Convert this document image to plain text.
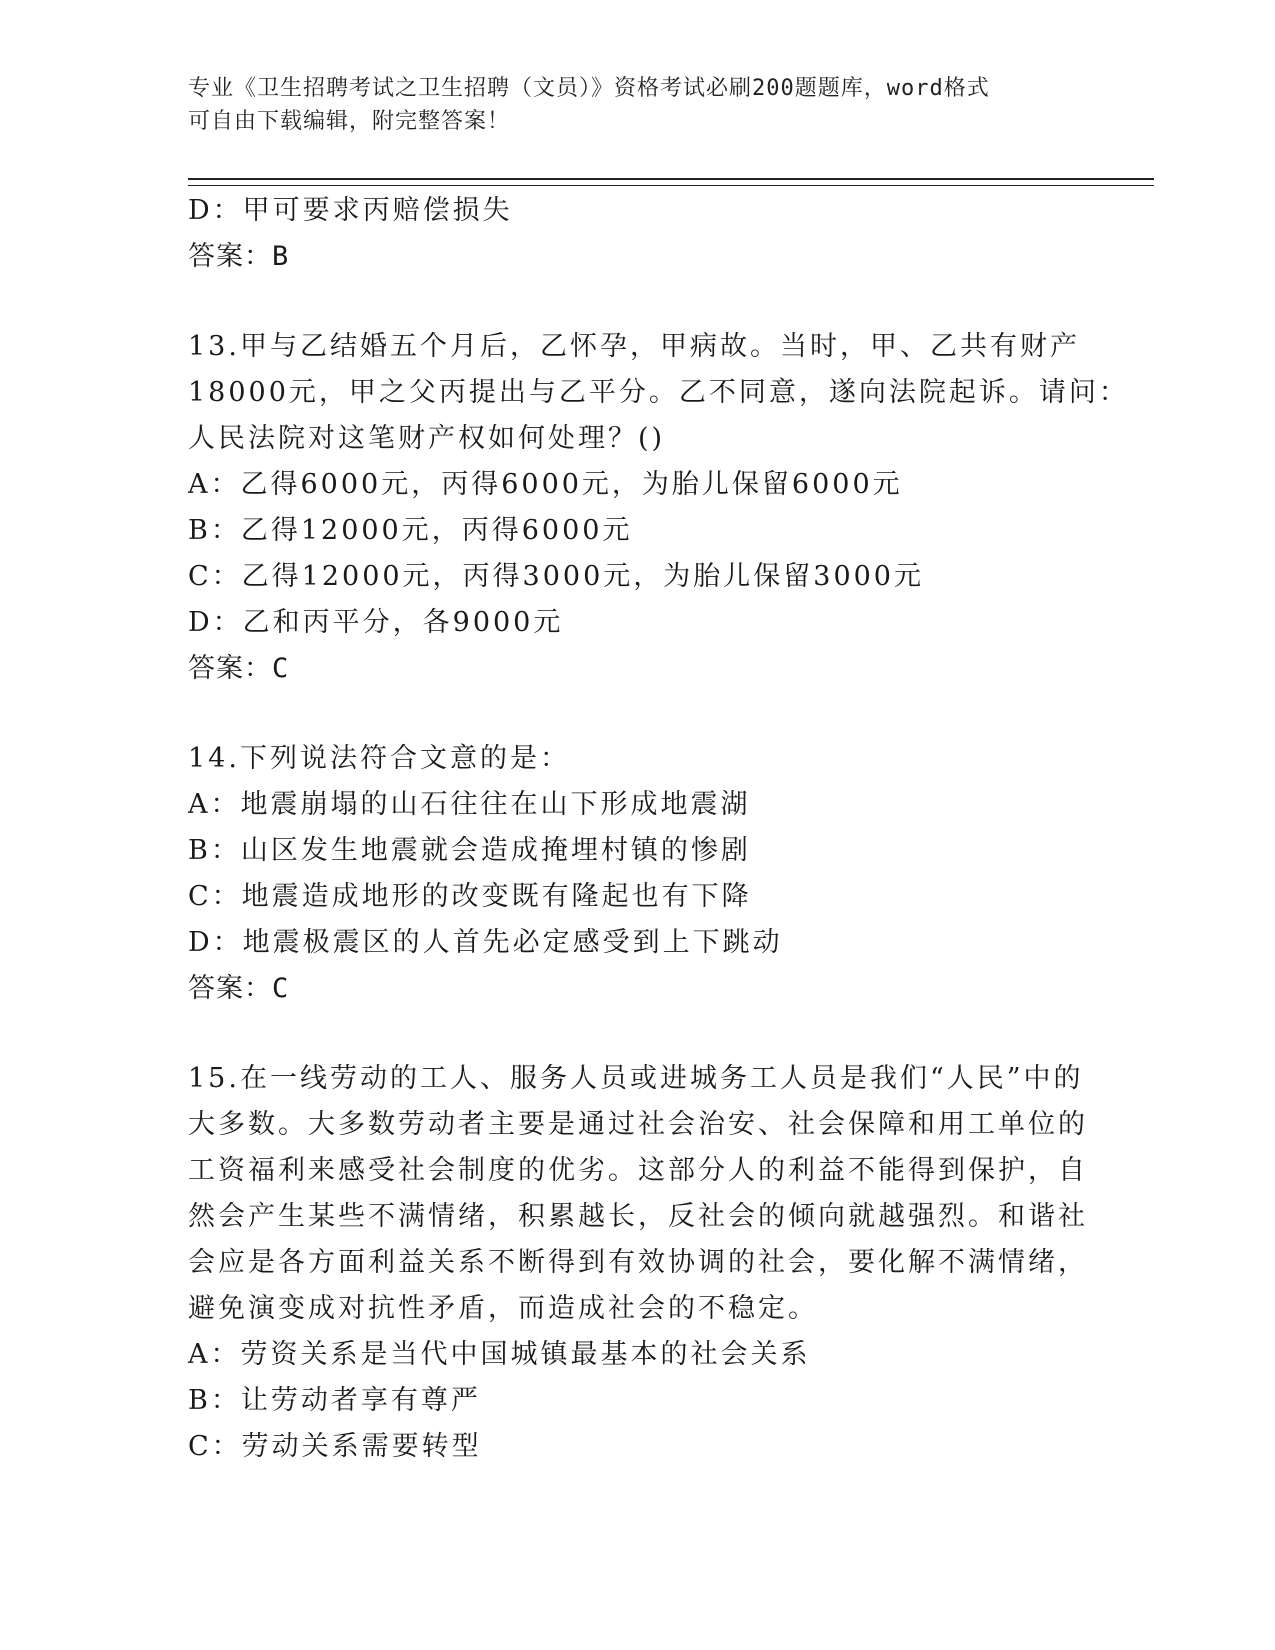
专业《卫生招聘考试之卫生招聘（文员）》资格考试必刷200题题库，word格式
可自由下载编辑，附完整答案！
D：甲可要求丙赔偿损失
答案：B
13.甲与乙结婚五个月后，乙怀孕，甲病故。当时，甲、乙共有财产
18000元，甲之父丙提出与乙平分。乙不同意，遂向法院起诉。请问：
人民法院对这笔财产权如何处理？()
A：乙得6000元，丙得6000元，为胎儿保留6000元
B：乙得12000元，丙得6000元
C：乙得12000元，丙得3000元，为胎儿保留3000元
D：乙和丙平分，各9000元
答案：C
14.下列说法符合文意的是：
A：地震崩塌的山石往往在山下形成地震湖
B：山区发生地震就会造成掩埋村镇的惨剧
C：地震造成地形的改变既有隆起也有下降
D：地震极震区的人首先必定感受到上下跳动
答案：C
15.在一线劳动的工人、服务人员或进城务工人员是我们“人民”中的
大多数。大多数劳动者主要是通过社会治安、社会保障和用工单位的
工资福利来感受社会制度的优劣。这部分人的利益不能得到保护，自
然会产生某些不满情绪，积累越长，反社会的倾向就越强烈。和谐社
会应是各方面利益关系不断得到有效协调的社会，要化解不满情绪，
避免演变成对抗性矛盾，而造成社会的不稳定。
A：劳资关系是当代中国城镇最基本的社会关系
B：让劳动者享有尊严
C：劳动关系需要转型
